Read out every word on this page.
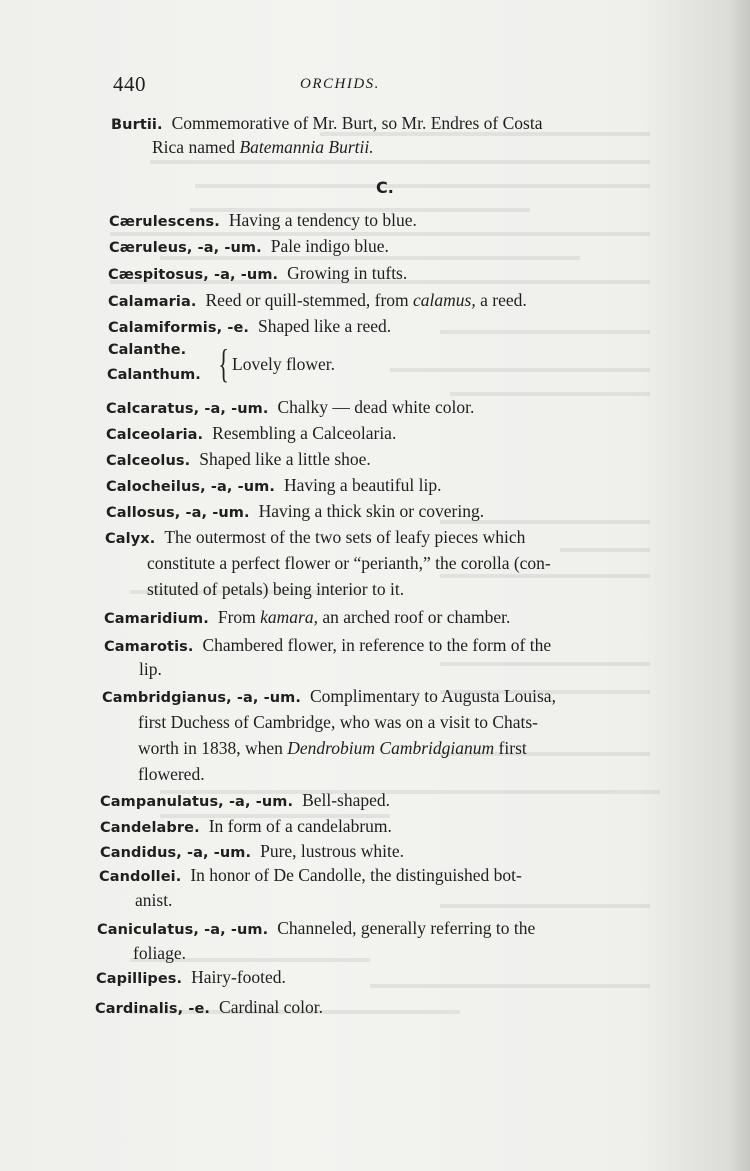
440	ORCHIDS.
Burtii. Commemorative of Mr. Burt, so Mr. Endres of Costa
Rica named Batemannia Burtii.
C.
Cærulescens. Having a tendency to blue.
Cæruleus, -a, -um. Pale indigo blue.
Cæspitosus, -a, -um. Growing in tufts.
Calamaria. Reed or quill-stemmed, from calamus, a reed.
Calamiformis, -e. Shaped like a reed.
Calanthe.
Calanthum. { Lovely flower.
Calcaratus, -a, -um. Chalky — dead white color.
Calceolaria. Resembling a Calceolaria.
Calceolus. Shaped like a little shoe.
Calocheilus, -a, -um. Having a beautiful lip.
Callosus, -a, -um. Having a thick skin or covering.
Calyx. The outermost of the two sets of leafy pieces which
constitute a perfect flower or “perianth,” the corolla (con-
stituted of petals) being interior to it.
Camaridium. From kamara, an arched roof or chamber.
Camarotis. Chambered flower, in reference to the form of the
lip.
Cambridgianus, -a, -um. Complimentary to Augusta Louisa,
first Duchess of Cambridge, who was on a visit to Chats-
worth in 1838, when Dendrobium Cambridgianum first
flowered.
Campanulatus, -a, -um. Bell-shaped.
Candelabre. In form of a candelabrum.
Candidus, -a, -um. Pure, lustrous white.
Candollei. In honor of De Candolle, the distinguished bot-
anist.
Caniculatus, -a, -um. Channeled, generally referring to the
foliage.
Capillipes. Hairy-footed.
Cardinalis, -e. Cardinal color.
